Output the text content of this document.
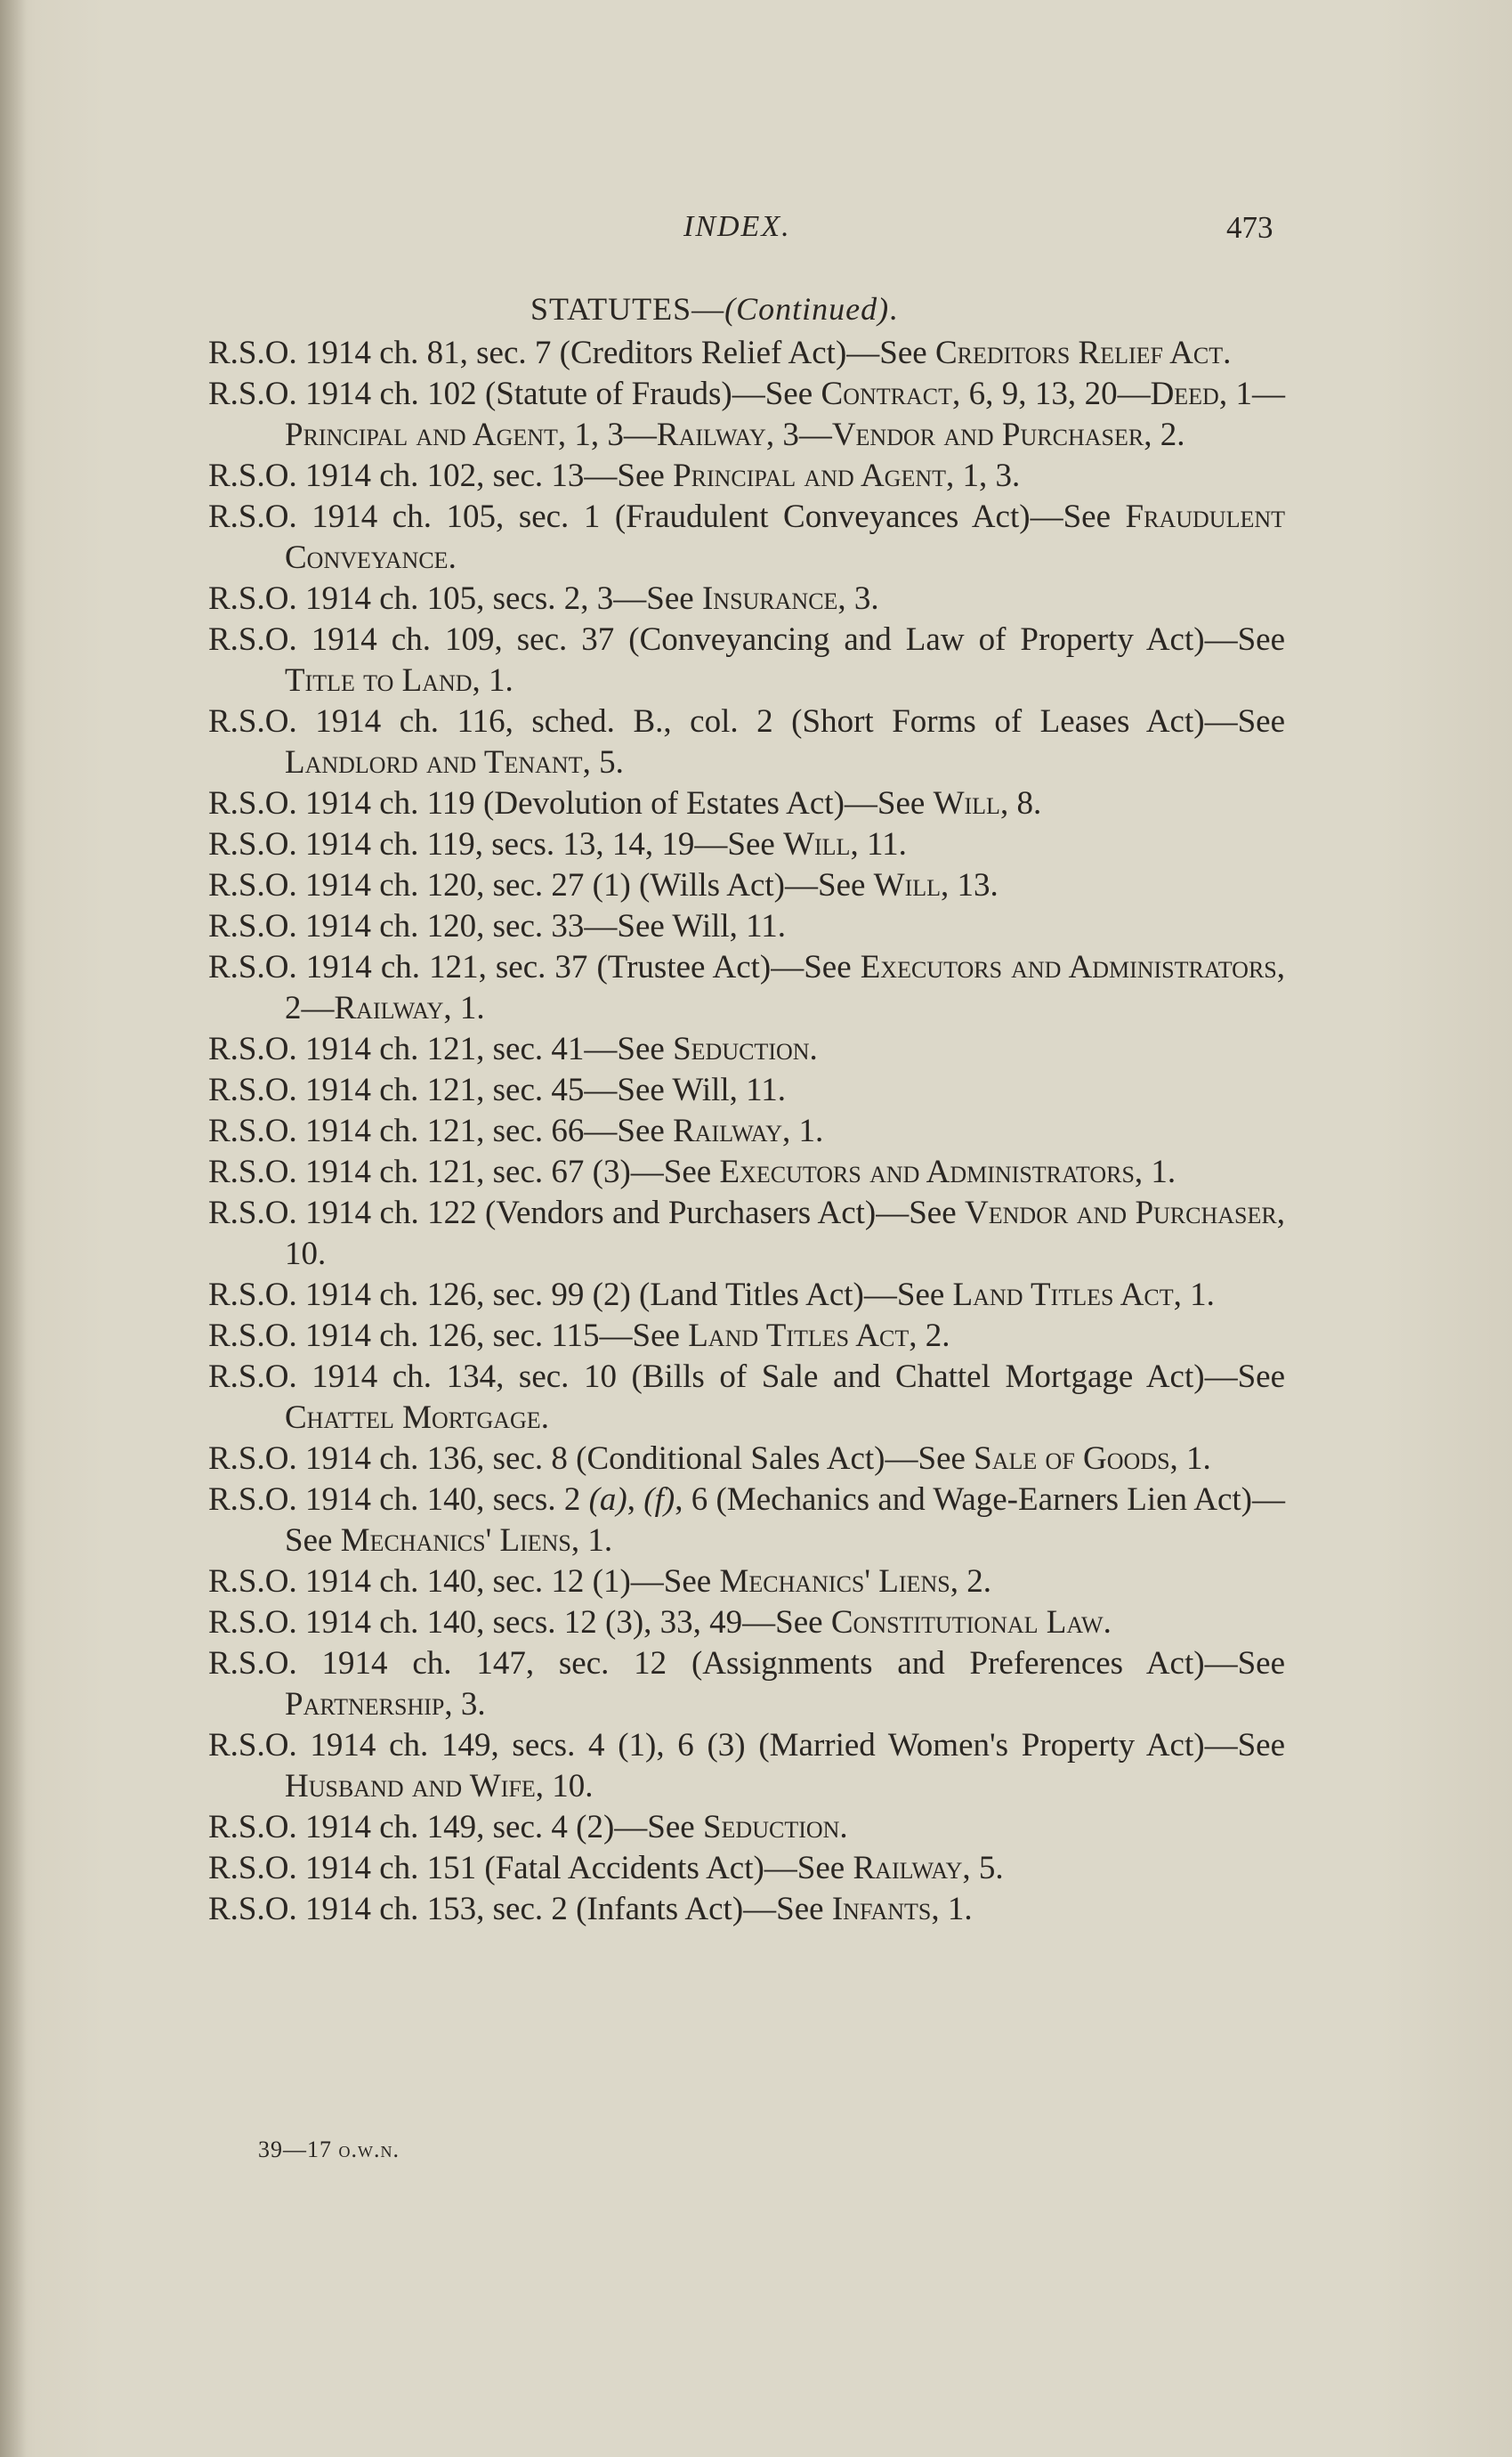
INDEX.	473
STATUTES—(Continued).

R.S.O. 1914 ch. 81, sec. 7 (Creditors Relief Act)—See Creditors Relief Act.

R.S.O. 1914 ch. 102 (Statute of Frauds)—See Contract, 6, 9, 13, 20—Deed, 1—Principal and Agent, 1, 3—Railway, 3—Vendor and Purchaser, 2.

R.S.O. 1914 ch. 102, sec. 13—See Principal and Agent, 1, 3.

R.S.O. 1914 ch. 105, sec. 1 (Fraudulent Conveyances Act)—See Fraudulent Conveyance.

R.S.O. 1914 ch. 105, secs. 2, 3—See Insurance, 3.

R.S.O. 1914 ch. 109, sec. 37 (Conveyancing and Law of Property Act)—See Title to Land, 1.

R.S.O. 1914 ch. 116, sched. B., col. 2 (Short Forms of Leases Act)—See Landlord and Tenant, 5.

R.S.O. 1914 ch. 119 (Devolution of Estates Act)—See Will, 8.

R.S.O. 1914 ch. 119, secs. 13, 14, 19—See Will, 11.

R.S.O. 1914 ch. 120, sec. 27 (1) (Wills Act)—See Will, 13.

R.S.O. 1914 ch. 120, sec. 33—See Will, 11.

R.S.O. 1914 ch. 121, sec. 37 (Trustee Act)—See Executors and Administrators, 2—Railway, 1.

R.S.O. 1914 ch. 121, sec. 41—See Seduction.

R.S.O. 1914 ch. 121, sec. 45—See Will, 11.

R.S.O. 1914 ch. 121, sec. 66—See Railway, 1.

R.S.O. 1914 ch. 121, sec. 67 (3)—See Executors and Administrators, 1.

R.S.O. 1914 ch. 122 (Vendors and Purchasers Act)—See Vendor and Purchaser, 10.

R.S.O. 1914 ch. 126, sec. 99 (2) (Land Titles Act)—See Land Titles Act, 1.

R.S.O. 1914 ch. 126, sec. 115—See Land Titles Act, 2.

R.S.O. 1914 ch. 134, sec. 10 (Bills of Sale and Chattel Mortgage Act)—See Chattel Mortgage.

R.S.O. 1914 ch. 136, sec. 8 (Conditional Sales Act)—See Sale of Goods, 1.

R.S.O. 1914 ch. 140, secs. 2 (a), (f), 6 (Mechanics and Wage-Earners Lien Act)—See Mechanics' Liens, 1.

R.S.O. 1914 ch. 140, sec. 12 (1)—See Mechanics' Liens, 2.

R.S.O. 1914 ch. 140, secs. 12 (3), 33, 49—See Constitutional Law.

R.S.O. 1914 ch. 147, sec. 12 (Assignments and Preferences Act)—See Partnership, 3.

R.S.O. 1914 ch. 149, secs. 4 (1), 6 (3) (Married Women's Property Act)—See Husband and Wife, 10.

R.S.O. 1914 ch. 149, sec. 4 (2)—See Seduction.

R.S.O. 1914 ch. 151 (Fatal Accidents Act)—See Railway, 5.

R.S.O. 1914 ch. 153, sec. 2 (Infants Act)—See Infants, 1.

39—17 o.w.n.
